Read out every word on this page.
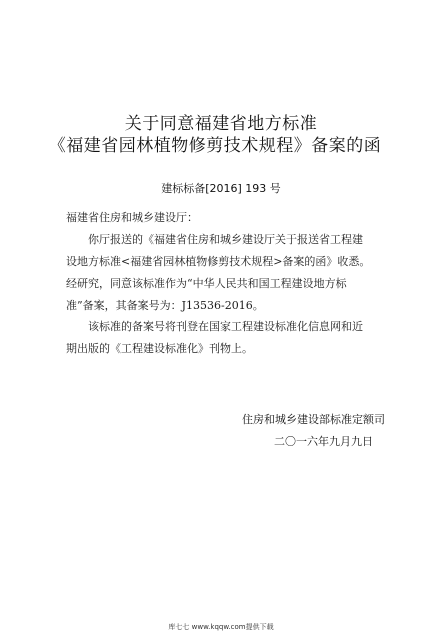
关于同意福建省地方标准
《福建省园林植物修剪技术规程》备案的函
建标标备[2016] 193 号
福建省住房和城乡建设厅：
你厅报送的《福建省住房和城乡建设厅关于报送省工程建
设地方标准<福建省园林植物修剪技术规程>备案的函》收悉。
经研究，同意该标准作为“中华人民共和国工程建设地方标
准”备案，其备案号为：J13536-2016。
该标准的备案号将刊登在国家工程建设标准化信息网和近
期出版的《工程建设标准化》刊物上。
住房和城乡建设部标准定额司
二〇一六年九月九日
库七七 www.kqqw.com提供下载
